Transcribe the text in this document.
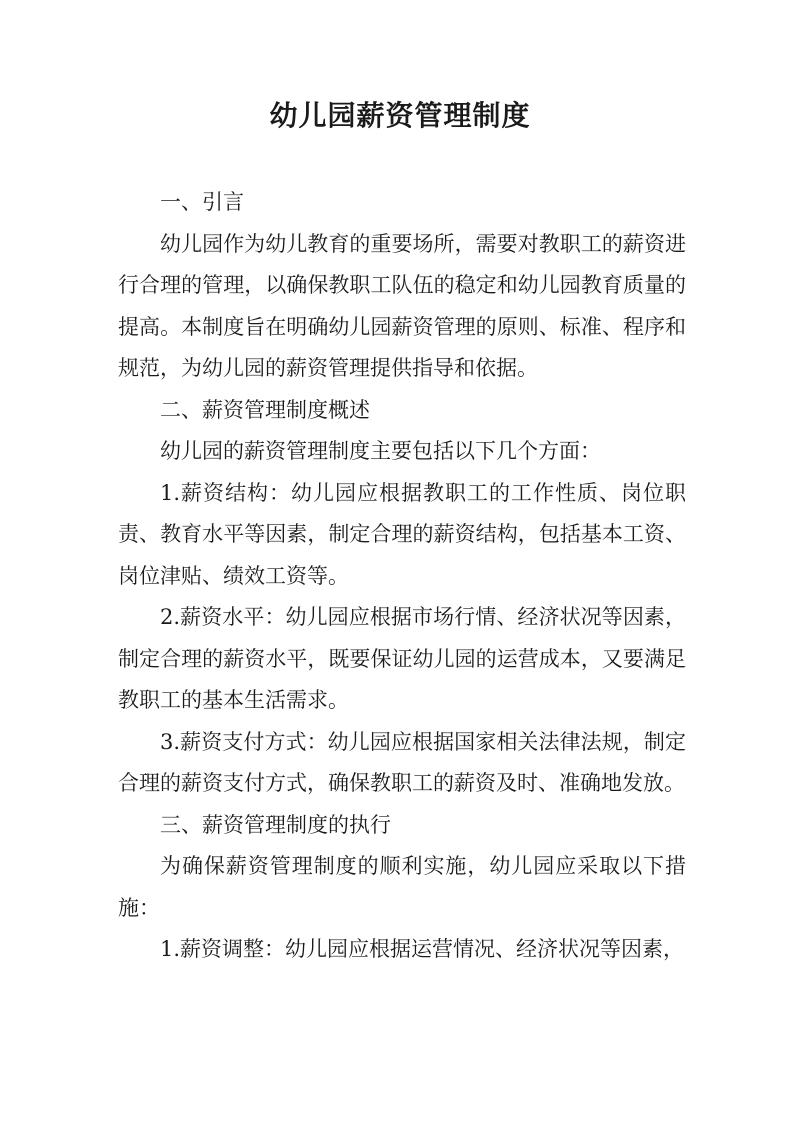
幼儿园薪资管理制度

一、引言

幼儿园作为幼儿教育的重要场所，需要对教职工的薪资进行合理的管理，以确保教职工队伍的稳定和幼儿园教育质量的提高。本制度旨在明确幼儿园薪资管理的原则、标准、程序和规范，为幼儿园的薪资管理提供指导和依据。

二、薪资管理制度概述

幼儿园的薪资管理制度主要包括以下几个方面：

1.薪资结构：幼儿园应根据教职工的工作性质、岗位职责、教育水平等因素，制定合理的薪资结构，包括基本工资、岗位津贴、绩效工资等。

2.薪资水平：幼儿园应根据市场行情、经济状况等因素，制定合理的薪资水平，既要保证幼儿园的运营成本，又要满足教职工的基本生活需求。

3.薪资支付方式：幼儿园应根据国家相关法律法规，制定合理的薪资支付方式，确保教职工的薪资及时、准确地发放。

三、薪资管理制度的执行

为确保薪资管理制度的顺利实施，幼儿园应采取以下措施：

1.薪资调整：幼儿园应根据运营情况、经济状况等因素，
